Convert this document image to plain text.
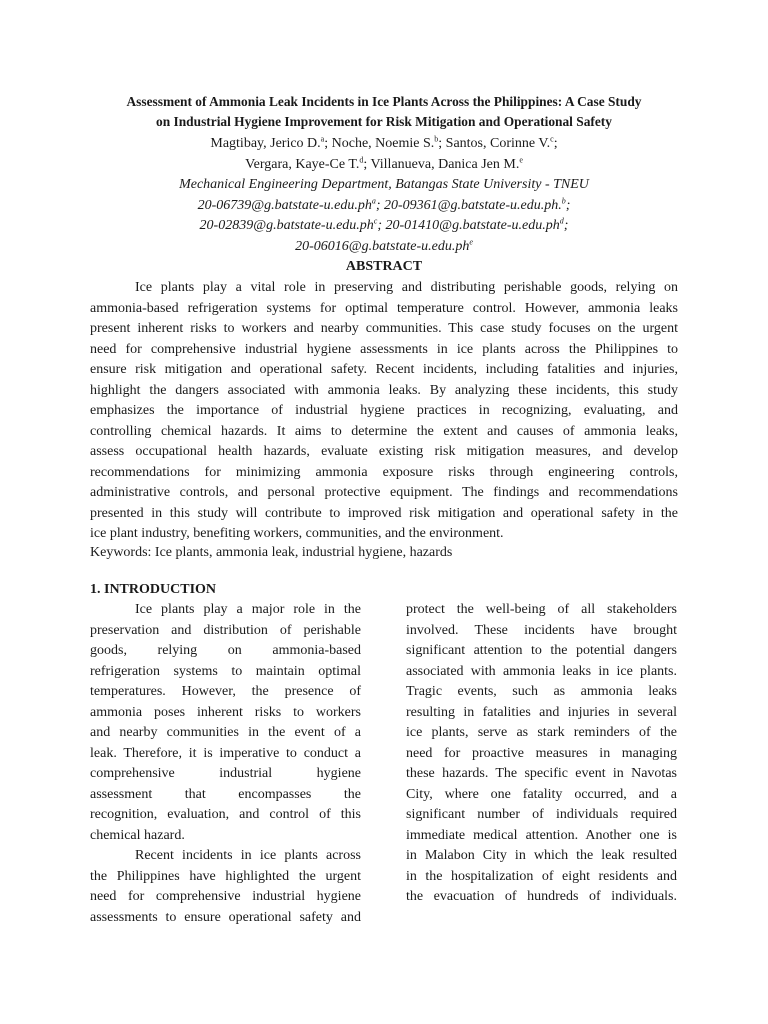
Assessment of Ammonia Leak Incidents in Ice Plants Across the Philippines: A Case Study
on Industrial Hygiene Improvement for Risk Mitigation and Operational Safety
Magtibay, Jerico D.$^a$; Noche, Noemie S.$^b$; Santos, Corinne V.$^c$;
Vergara, Kaye-Ce T.$^d$; Villanueva, Danica Jen M.$^e$
Mechanical Engineering Department, Batangas State University - TNEU
$20-06739@g.batstate-u.edu.ph^a$; 20-09361@g.batstate-u.edu.ph.$^b$;
$20-02839@g.batstate-u.edu.ph^c$; $20-01410@g.batstate-u.edu.ph^d$;
$20-06016@g.batstate-u.edu.ph^e$
ABSTRACT
Ice plants play a vital role in preserving and distributing perishable goods, relying on
ammonia-based refrigeration systems for optimal temperature control. However, ammonia leaks
present inherent risks to workers and nearby communities. This case study focuses on the urgent
need for comprehensive industrial hygiene assessments in ice plants across the Philippines to
ensure risk mitigation and operational safety. Recent incidents, including fatalities and injuries,
highlight the dangers associated with ammonia leaks. By analyzing these incidents, this study
emphasizes the importance of industrial hygiene practices in recognizing, evaluating, and
controlling chemical hazards. It aims to determine the extent and causes of ammonia leaks,
assess occupational health hazards, evaluate existing risk mitigation measures, and develop
recommendations for minimizing ammonia exposure risks through engineering controls,
administrative controls, and personal protective equipment. The findings and recommendations
presented in this study will contribute to improved risk mitigation and operational safety in the
ice plant industry, benefiting workers, communities, and the environment.
Keywords: Ice plants, ammonia leak, industrial hygiene, hazards
1. INTRODUCTION
Ice plants play a major role in the
preservation and distribution of perishable
goods, relying on ammonia-based
refrigeration systems to maintain optimal
temperatures. However, the presence of
ammonia poses inherent risks to workers
and nearby communities in the event of a
leak. Therefore, it is imperative to conduct a
comprehensive industrial hygiene
assessment that encompasses the
recognition, evaluation, and control of this
chemical hazard.
Recent incidents in ice plants across
the Philippines have highlighted the urgent
need for comprehensive industrial hygiene
assessments to ensure operational safety and
protect the well-being of all stakeholders
involved. These incidents have brought
significant attention to the potential dangers
associated with ammonia leaks in ice plants.
Tragic events, such as ammonia leaks
resulting in fatalities and injuries in several
ice plants, serve as stark reminders of the
need for proactive measures in managing
these hazards. The specific event in Navotas
City, where one fatality occurred, and a
significant number of individuals required
immediate medical attention. Another one is
in Malabon City in which the leak resulted
in the hospitalization of eight residents and
the evacuation of hundreds of individuals.
